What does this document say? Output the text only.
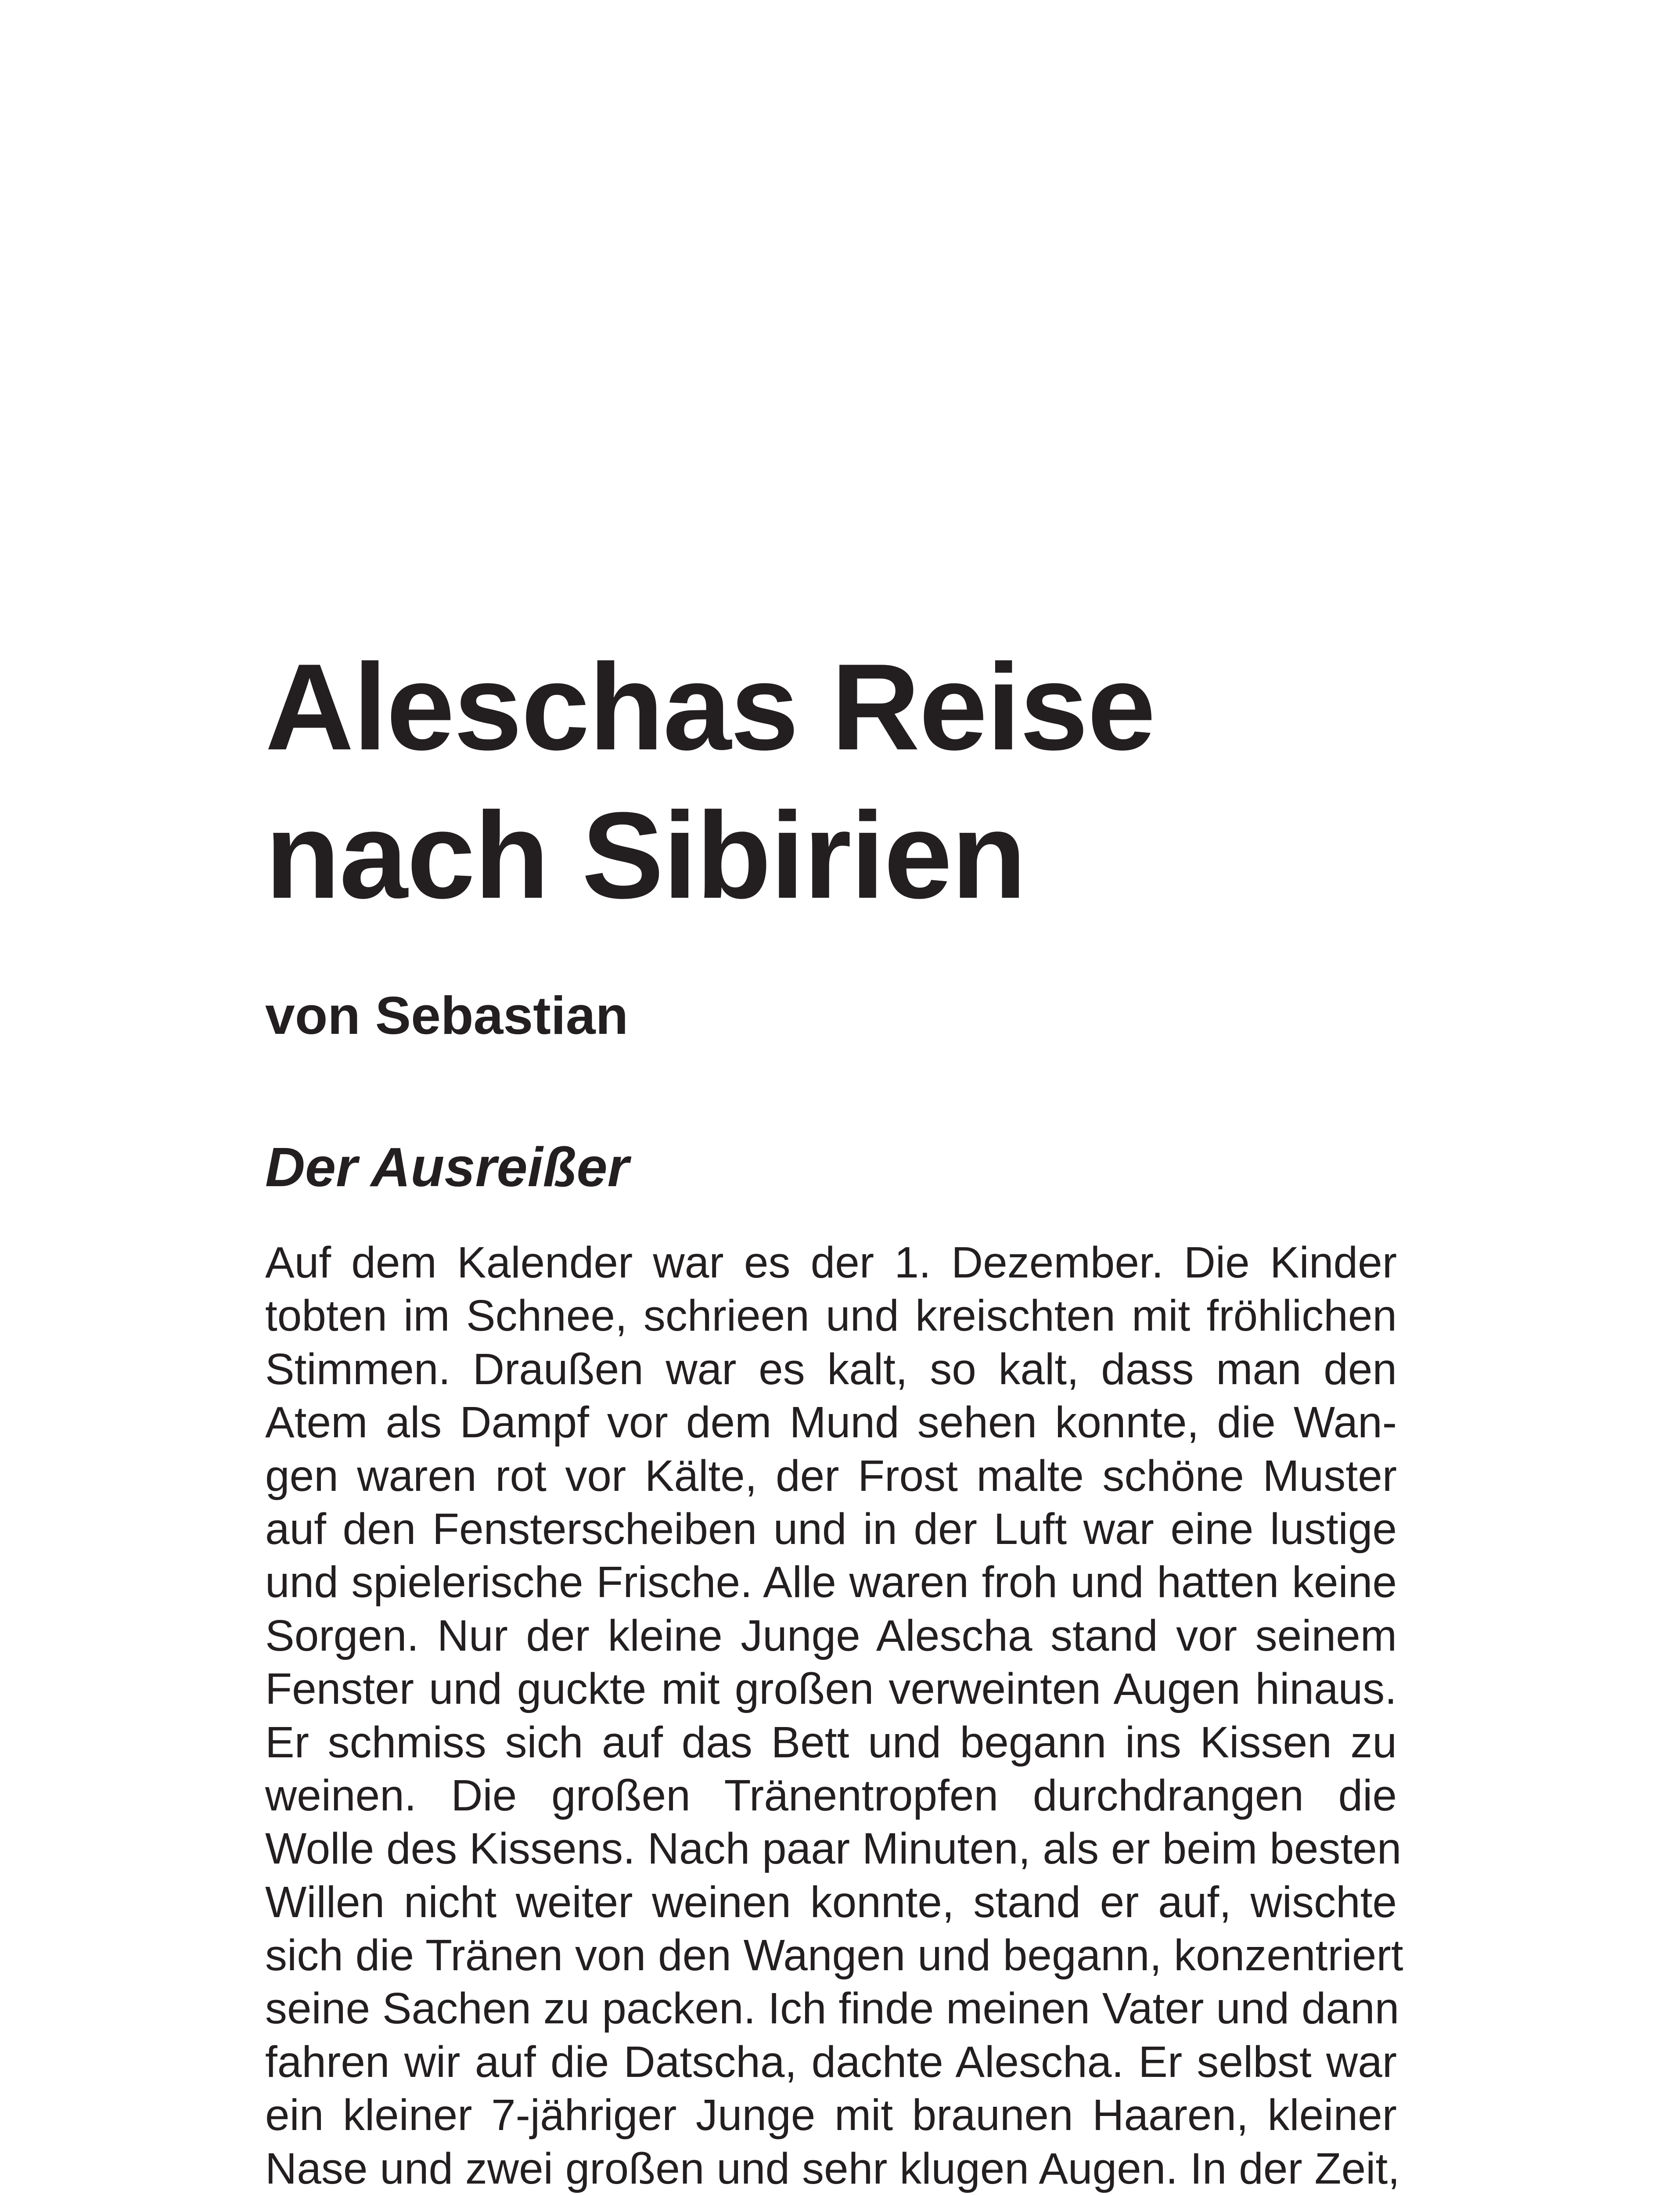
Aleschas Reise
nach Sibirien

von Sebastian

Der Ausreißer
Auf dem Kalender war es der 1. Dezember. Die Kinder
tobten im Schnee, schrieen und kreischten mit fröhlichen
Stimmen. Draußen war es kalt, so kalt, dass man den
Atem als Dampf vor dem Mund sehen konnte, die Wan-
gen waren rot vor Kälte, der Frost malte schöne Muster
auf den Fensterscheiben und in der Luft war eine lustige
und spielerische Frische. Alle waren froh und hatten keine
Sorgen. Nur der kleine Junge Alescha stand vor seinem
Fenster und guckte mit großen verweinten Augen hinaus.
Er schmiss sich auf das Bett und begann ins Kissen zu
weinen. Die großen Tränentropfen durchdrangen die
Wolle des Kissens. Nach paar Minuten, als er beim besten
Willen nicht weiter weinen konnte, stand er auf, wischte
sich die Tränen von den Wangen und begann, konzentriert
seine Sachen zu packen. Ich finde meinen Vater und dann
fahren wir auf die Datscha, dachte Alescha. Er selbst war
ein kleiner 7-jähriger Junge mit braunen Haaren, kleiner
Nase und zwei großen und sehr klugen Augen. In der Zeit,
